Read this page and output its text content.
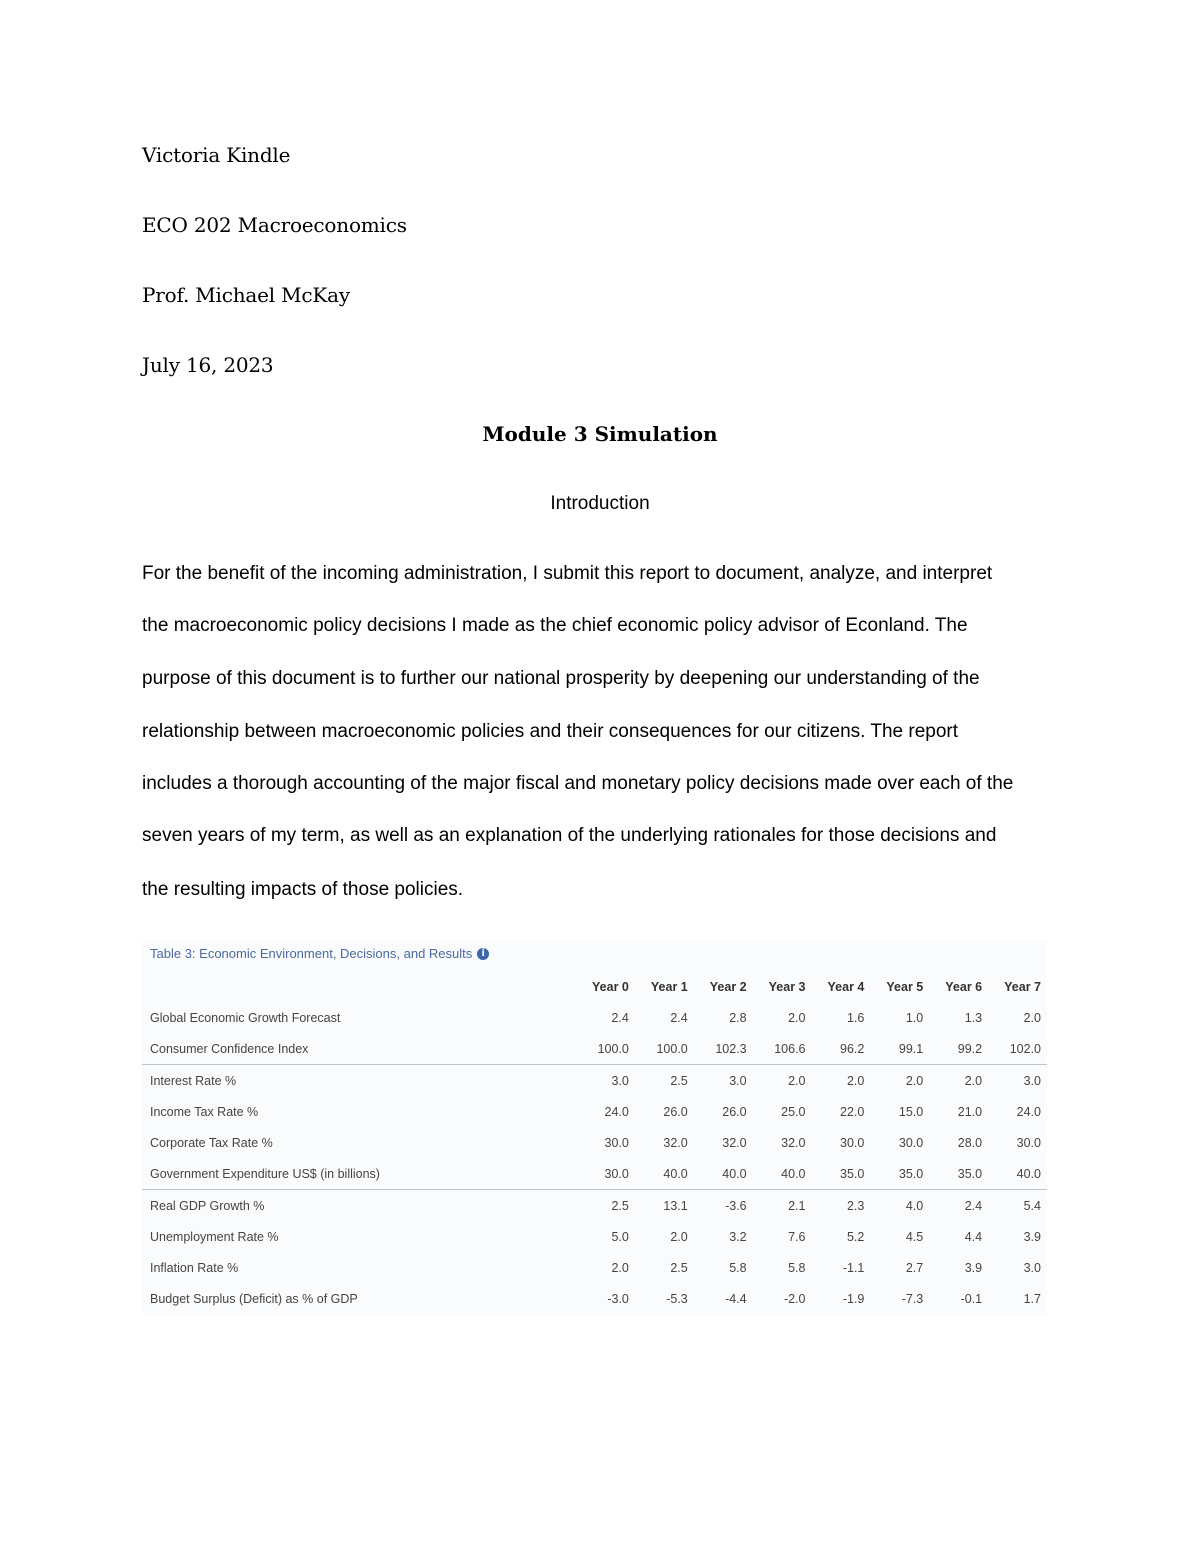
Victoria Kindle
ECO 202 Macroeconomics
Prof. Michael McKay
July 16, 2023
Module 3 Simulation
Introduction
For the benefit of the incoming administration, I submit this report to document, analyze, and interpret
the macroeconomic policy decisions I made as the chief economic policy advisor of Econland. The
purpose of this document is to further our national prosperity by deepening our understanding of the
relationship between macroeconomic policies and their consequences for our citizens. The report
includes a thorough accounting of the major fiscal and monetary policy decisions made over each of the
seven years of my term, as well as an explanation of the underlying rationales for those decisions and
the resulting impacts of those policies.
Table 3: Economic Environment, Decisions, and Results i
	Year 0	Year 1	Year 2	Year 3	Year 4	Year 5	Year 6	Year 7
Global Economic Growth Forecast	2.4	2.4	2.8	2.0	1.6	1.0	1.3	2.0
Consumer Confidence Index	100.0	100.0	102.3	106.6	96.2	99.1	99.2	102.0
Interest Rate %	3.0	2.5	3.0	2.0	2.0	2.0	2.0	3.0
Income Tax Rate %	24.0	26.0	26.0	25.0	22.0	15.0	21.0	24.0
Corporate Tax Rate %	30.0	32.0	32.0	32.0	30.0	30.0	28.0	30.0
Government Expenditure US$ (in billions)	30.0	40.0	40.0	40.0	35.0	35.0	35.0	40.0
Real GDP Growth %	2.5	13.1	-3.6	2.1	2.3	4.0	2.4	5.4
Unemployment Rate %	5.0	2.0	3.2	7.6	5.2	4.5	4.4	3.9
Inflation Rate %	2.0	2.5	5.8	5.8	-1.1	2.7	3.9	3.0
Budget Surplus (Deficit) as % of GDP	-3.0	-5.3	-4.4	-2.0	-1.9	-7.3	-0.1	1.7
